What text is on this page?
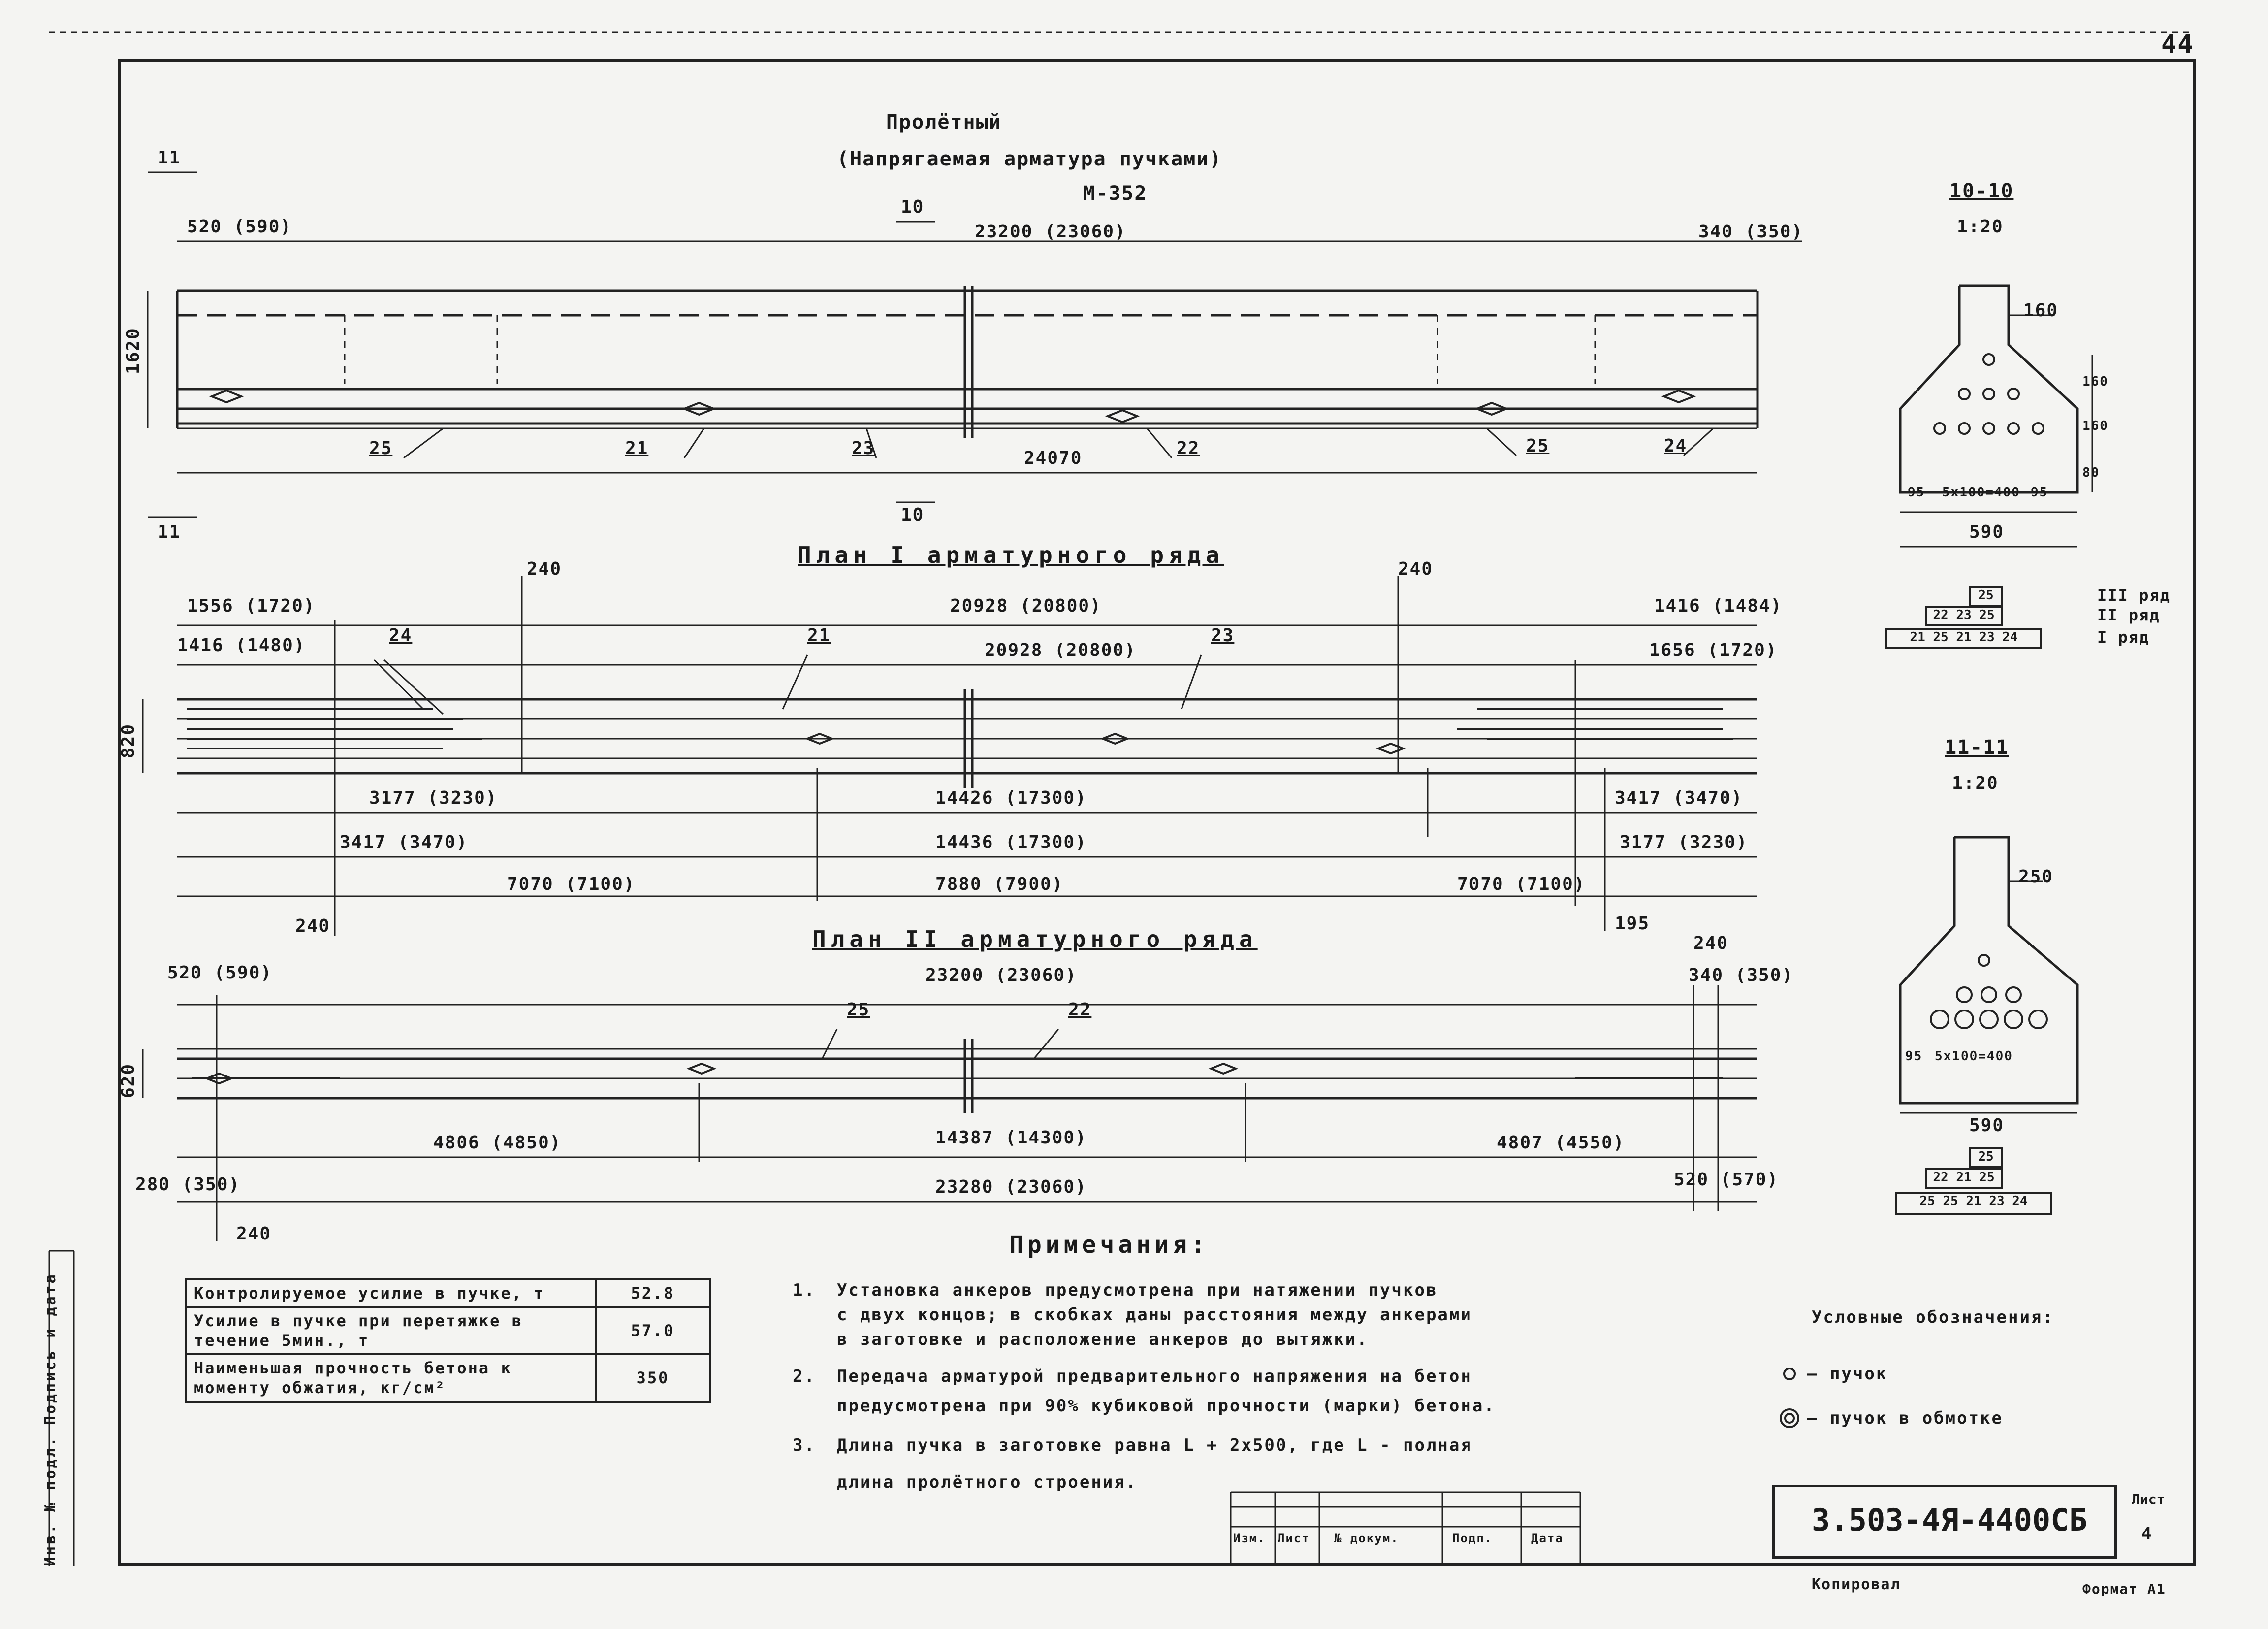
Пролётный
(Напрягаемая арматура пучками)
М-352
44
11
11
10
10
520 (590)	23200 (23060)	340 (350)
1620
24070
25	21	23	22	25	24
План I арматурного ряда
240	240
1556 (1720)
1416 (1480)
20928 (20800)
20928 (20800)
1416 (1484)
1656 (1720)
24	21	23
820
3177 (3230)
3417 (3470)
14426 (17300)
14436 (17300)
3417 (3470)
3177 (3230)
7070 (7100)	7880 (7900)	7070 (7100)
240	195
План II арматурного ряда
520 (590)	23200 (23060)
240
340 (350)
25	22
620
4806 (4850)	14387 (14300)	4807 (4550)
280 (350)	23280 (23060)	520 (570)
240
10-10
1:20
160
160
160
80
95 5x100=400 95
590
25
22 23 25
21 25 21 23 24
III ряд
II ряд
I ряд
11-11
1:20
250
95 5x100=400
590
25
22 21 25
25 25 21 23 24
Примечания:
1. Установка анкеров предусмотрена при натяжении пучков
с двух концов; в скобках даны расстояния между анкерами
в заготовке и расположение анкеров до вытяжки.
2. Передача арматурой предварительного напряжения на бетон
предусмотрена при 90% кубиковой прочности (марки) бетона.
3. Длина пучка в заготовке равна L + 2x500, где L - полная
длина пролётного строения.
Контролируемое усилие в пучке, т	52.8
Усилие в пучке при перетяжке в течение 5мин., т	57.0
Наименьшая прочность бетона к моменту обжатия, кг/см²	350
Условные обозначения:
— пучок
— пучок в обмотке
Изм. Лист № докум.	Подп.	Дата
3.503-4Я-4400СБ
Лист
4
Копировал	Формат А1
Инв. № подл. Подпись и дата
